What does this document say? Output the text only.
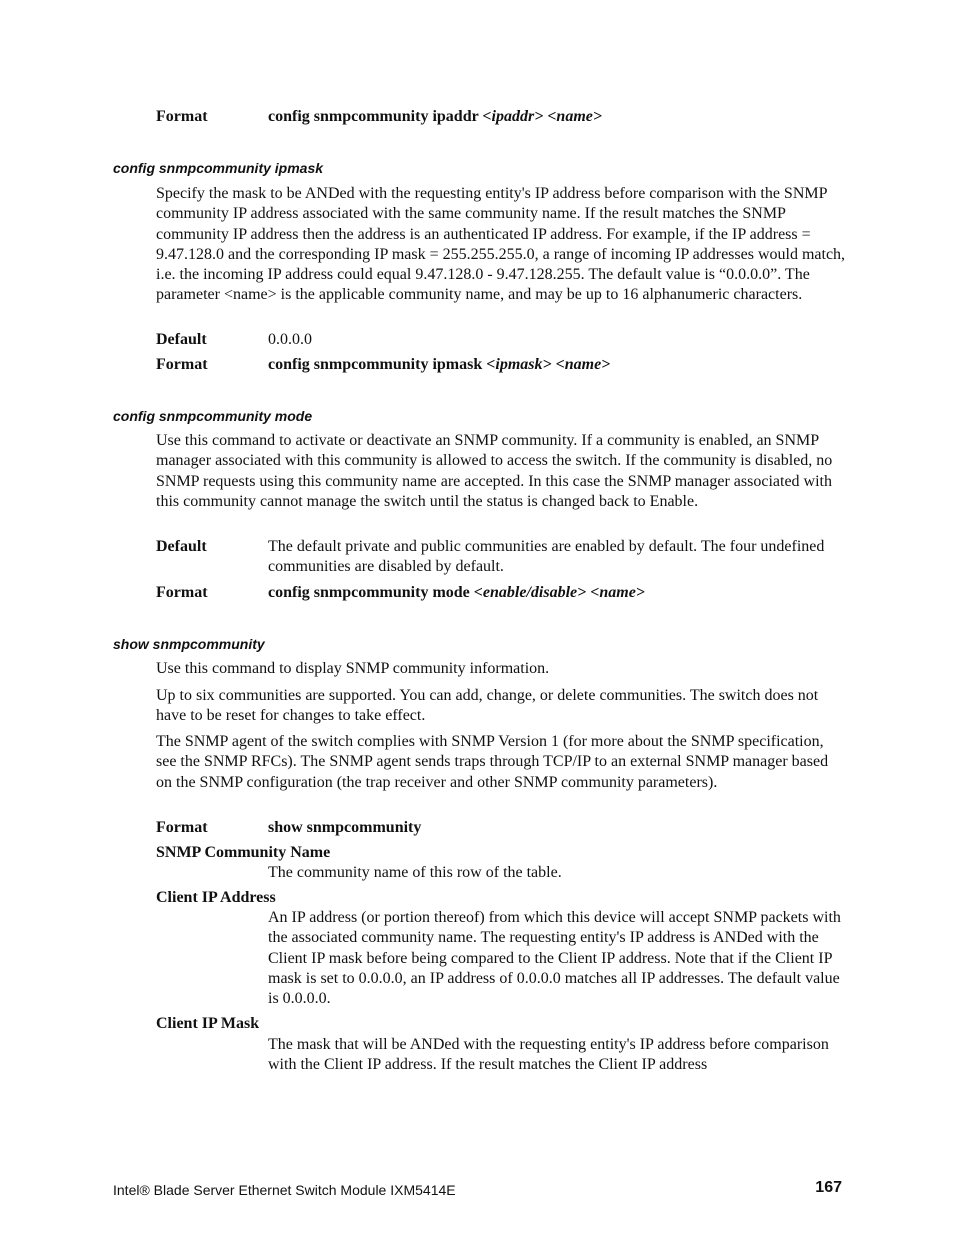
Format	config snmpcommunity ipaddr <ipaddr> <name>
config snmpcommunity ipmask
Specify the mask to be ANDed with the requesting entity's IP address before comparison with the SNMP community IP address associated with the same community name. If the result matches the SNMP community IP address then the address is an authenticated IP address. For example, if the IP address = 9.47.128.0 and the corresponding IP mask = 255.255.255.0, a range of incoming IP addresses would match, i.e. the incoming IP address could equal 9.47.128.0 - 9.47.128.255. The default value is “0.0.0.0”. The parameter <name> is the applicable community name, and may be up to 16 alphanumeric characters.
Default	0.0.0.0
Format	config snmpcommunity ipmask <ipmask> <name>
config snmpcommunity mode
Use this command to activate or deactivate an SNMP community. If a community is enabled, an SNMP manager associated with this community is allowed to access the switch. If the community is disabled, no SNMP requests using this community name are accepted. In this case the SNMP manager associated with this community cannot manage the switch until the status is changed back to Enable.
Default	The default private and public communities are enabled by default. The four undefined communities are disabled by default.
Format	config snmpcommunity mode <enable/disable> <name>
show snmpcommunity
Use this command to display SNMP community information.
Up to six communities are supported. You can add, change, or delete communities. The switch does not have to be reset for changes to take effect.
The SNMP agent of the switch complies with SNMP Version 1 (for more about the SNMP specification, see the SNMP RFCs). The SNMP agent sends traps through TCP/IP to an external SNMP manager based on the SNMP configuration (the trap receiver and other SNMP community parameters).
Format	show snmpcommunity
SNMP Community Name
The community name of this row of the table.
Client IP Address
An IP address (or portion thereof) from which this device will accept SNMP packets with the associated community name. The requesting entity's IP address is ANDed with the Client IP mask before being compared to the Client IP address. Note that if the Client IP mask is set to 0.0.0.0, an IP address of 0.0.0.0 matches all IP addresses. The default value is 0.0.0.0.
Client IP Mask
The mask that will be ANDed with the requesting entity's IP address before comparison with the Client IP address. If the result matches the Client IP address
Intel® Blade Server Ethernet Switch Module IXM5414E	167
